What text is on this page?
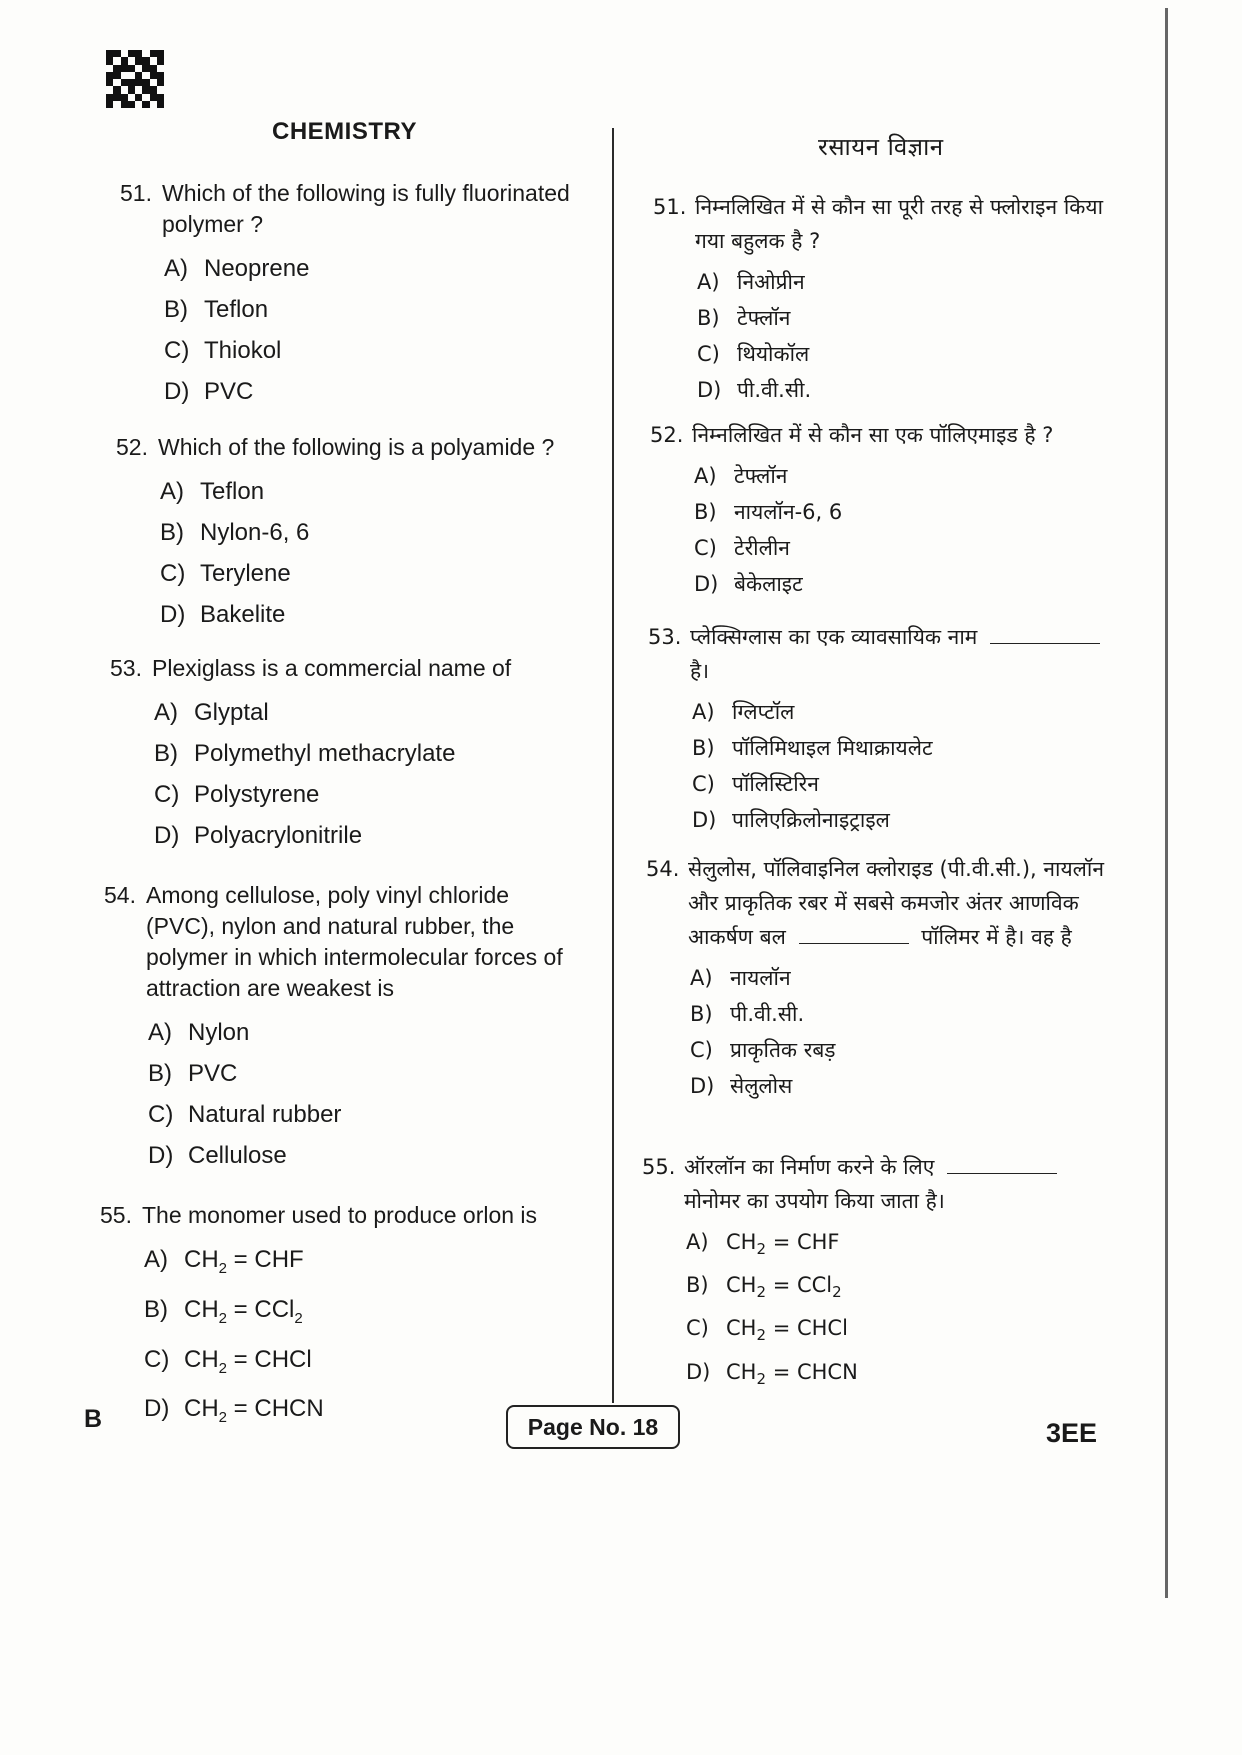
CHEMISTRY
रसायन विज्ञान
51. Which of the following is fully fluorinated polymer ?
A) Neoprene
B) Teflon
C) Thiokol
D) PVC
52. Which of the following is a polyamide ?
A) Teflon
B) Nylon-6, 6
C) Terylene
D) Bakelite
53. Plexiglass is a commercial name of
A) Glyptal
B) Polymethyl methacrylate
C) Polystyrene
D) Polyacrylonitrile
54. Among cellulose, poly vinyl chloride (PVC), nylon and natural rubber, the polymer in which intermolecular forces of attraction are weakest is
A) Nylon
B) PVC
C) Natural rubber
D) Cellulose
55. The monomer used to produce orlon is
A) $CH_2$ = CHF
B) $CH_2 = CCl_2$
C) $CH_2$ = CHCl
D) $CH_2$ = CHCN
51. निम्नलिखित में से कौन सा पूरी तरह से फ्लोराइन किया गया बहुलक है ?
A) निओप्रीन
B) टेफ्लॉन
C) थियोकॉल
D) पी.वी.सी.
52. निम्नलिखित में से कौन सा एक पॉलिएमाइड है ?
A) टेफ्लॉन
B) नायलॉन-6, 6
C) टेरीलीन
D) बेकेलाइट
53. प्लेक्सिग्लास का एक व्यावसायिक नाम  है।
A) ग्लिप्टॉल
B) पॉलिमिथाइल मिथाक्रायलेट
C) पॉलिस्टिरिन
D) पालिएक्रिलोनाइट्राइल
54. सेलुलोस, पॉलिवाइनिल क्लोराइड (पी.वी.सी.), नायलॉन और प्राकृतिक रबर में सबसे कमजोर अंतर आणविक आकर्षण बल	पॉलिमर में है। वह है
A) नायलॉन
B) पी.वी.सी.
C) प्राकृतिक रबड़
D) सेलुलोस
55. ऑरलॉन का निर्माण करने के लिए  मोनोमर का उपयोग किया जाता है।
A) $CH_2$ = CHF
B) $CH_2 = CCl_2$
C) $CH_2$ = CHCl
D) $CH_2$ = CHCN
B	Page No. 18	3EE
